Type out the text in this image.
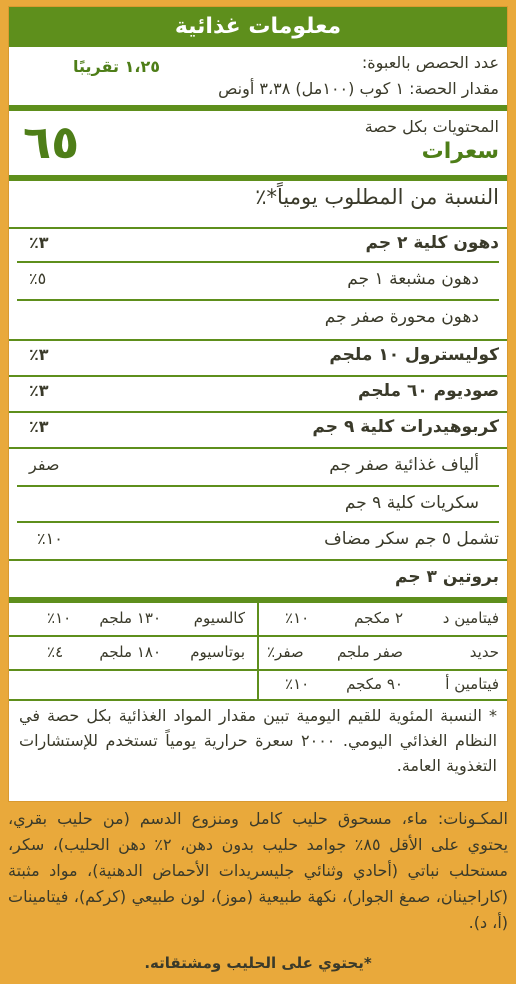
معلومات غذائية
عدد الحصص بالعبوة:
١،٢٥ تقريبًا
مقدار الحصة: ١ كوب (١٠٠مل) ٣،٣٨ أونص
المحتويات بكل حصة
سعرات
٦٥
النسبة من المطلوب يومياً*٪
دهون كلية ٢ جم
٣٪
دهون مشبعة ١ جم
٥٪
دهون محورة صفر جم
كوليسترول ١٠ ملجم
٣٪
صوديوم ٦٠ ملجم
٣٪
كربوهيدرات كلية ٩ جم
٣٪
ألياف غذائية صفر جم
صفر
سكريات كلية ٩ جم
تشمل ٥ جم سكر مضاف
١٠٪
بروتين ٣ جم
فيتامين د
٢ مكجم
١٠٪
كالسيوم
١٣٠ ملجم
١٠٪
حديد
صفر ملجم
صفر٪
بوتاسيوم
١٨٠ ملجم
٤٪
فيتامين أ
٩٠ مكجم
١٠٪
* النسبة المئوية للقيم اليومية تبين مقدار المواد الغذائية بكل حصة في النظام الغذائي اليومي. ٢٠٠٠ سعرة حرارية يومياً تستخدم للإستشارات التغذوية العامة.
المكـونات: ماء، مسحوق حليب كامل ومنزوع الدسم (من حليب بقري، يحتوي على الأقل ٨٥٪ جوامد حليب بدون دهن، ٢٪ دهن الحليب)، سكر، مستحلب نباتي (أحادي وثنائي جليسريدات الأحماض الدهنية)، مواد مثبتة (كاراجينان، صمغ الجوار)، نكهة طبيعية (موز)، لون طبيعي (كركم)، فيتامينات (أ، د).
*يحتوي على الحليب ومشتقاته.
